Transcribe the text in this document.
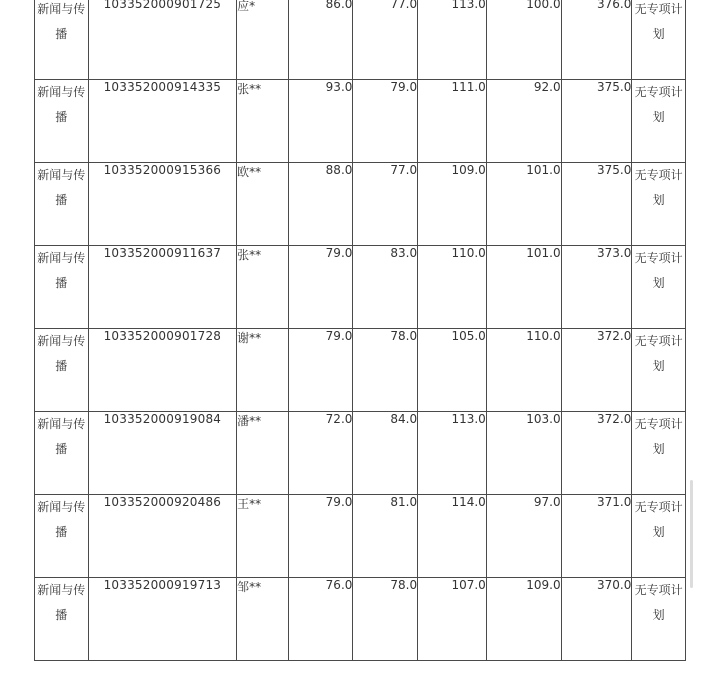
新闻与传播	103352000901725	应*	86.0	77.0	113.0	100.0	376.0	无专项计划
新闻与传播	103352000914335	张**	93.0	79.0	111.0	92.0	375.0	无专项计划
新闻与传播	103352000915366	欧**	88.0	77.0	109.0	101.0	375.0	无专项计划
新闻与传播	103352000911637	张**	79.0	83.0	110.0	101.0	373.0	无专项计划
新闻与传播	103352000901728	谢**	79.0	78.0	105.0	110.0	372.0	无专项计划
新闻与传播	103352000919084	潘**	72.0	84.0	113.0	103.0	372.0	无专项计划
新闻与传播	103352000920486	王**	79.0	81.0	114.0	97.0	371.0	无专项计划
新闻与传播	103352000919713	邹**	76.0	78.0	107.0	109.0	370.0	无专项计划
